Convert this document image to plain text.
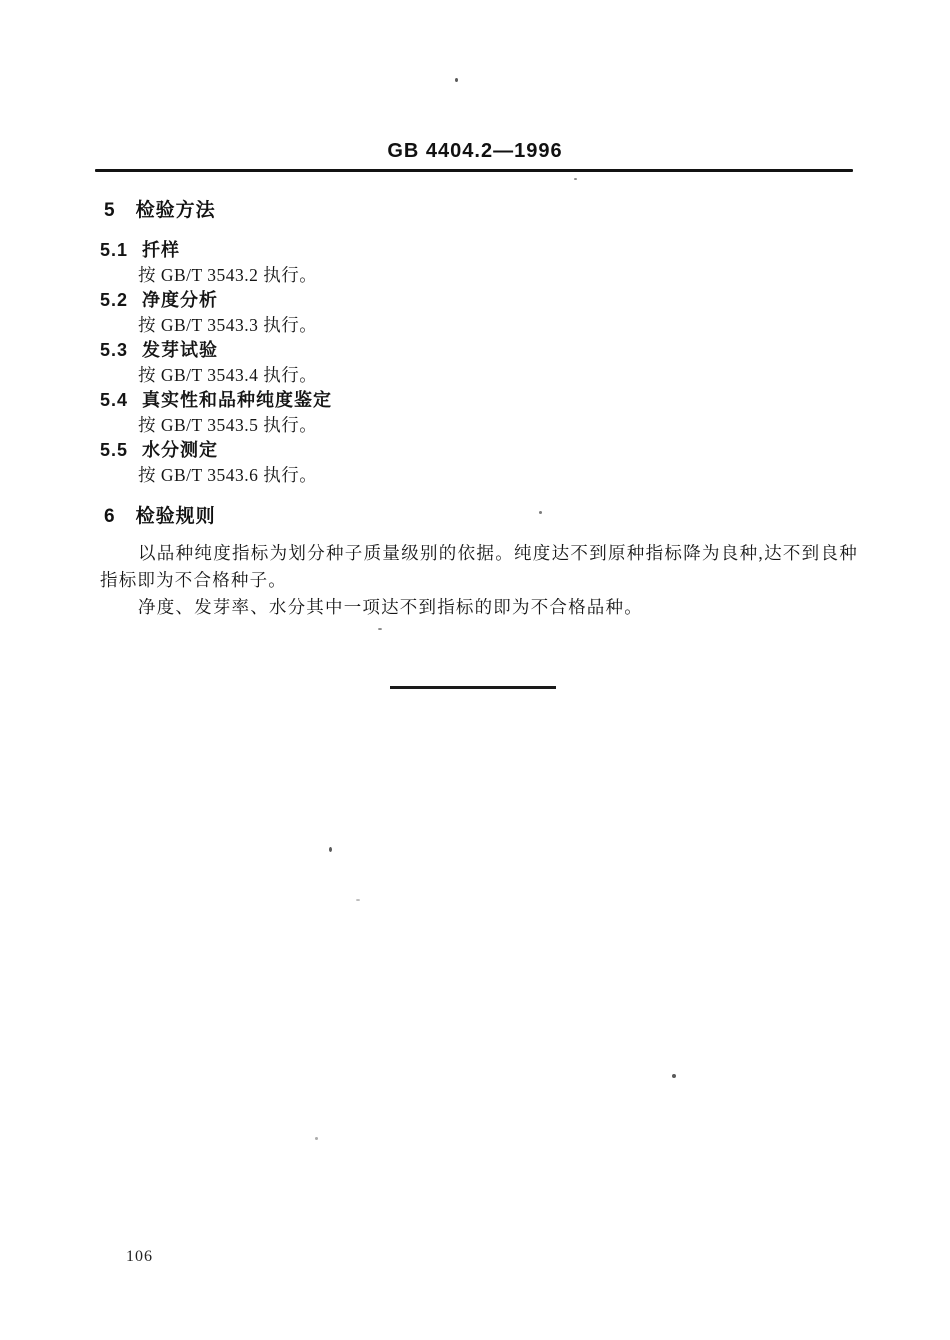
GB 4404.2—1996
5 检验方法
5.1 扦样
按 GB/T 3543.2 执行。
5.2 净度分析
按 GB/T 3543.3 执行。
5.3 发芽试验
按 GB/T 3543.4 执行。
5.4 真实性和品种纯度鉴定
按 GB/T 3543.5 执行。
5.5 水分测定
按 GB/T 3543.6 执行。
6 检验规则

以品种纯度指标为划分种子质量级别的依据。纯度达不到原种指标降为良种,达不到良种指标即为不合格种子。

净度、发芽率、水分其中一项达不到指标的即为不合格品种。

106
